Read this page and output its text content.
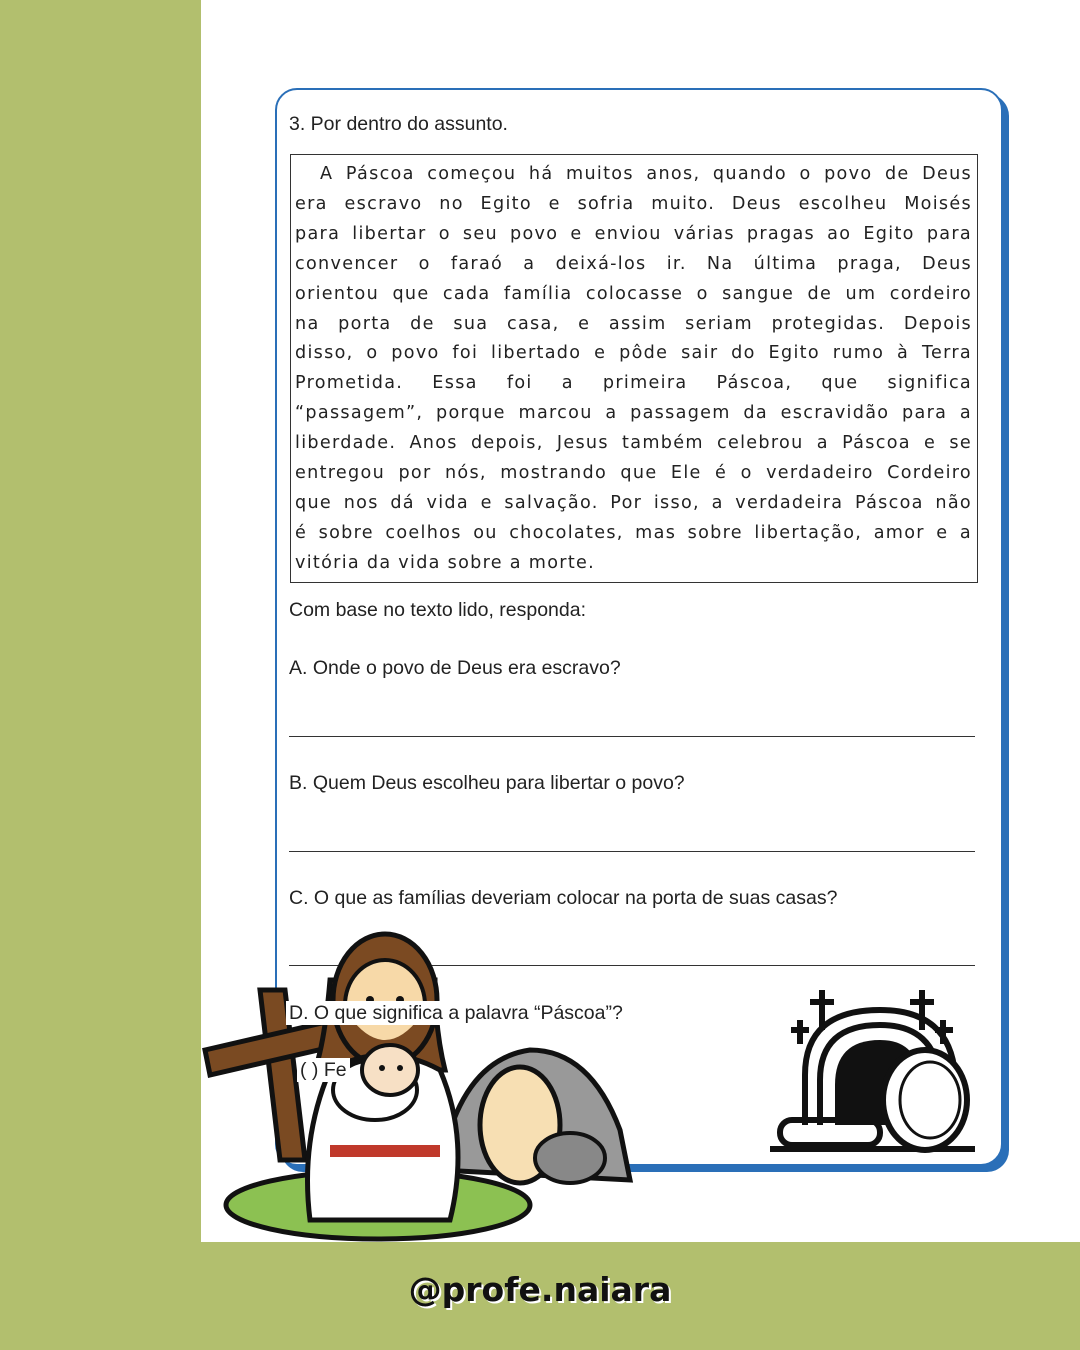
3. Por dentro do assunto.
A Páscoa começou há muitos anos, quando o povo de Deus
era escravo no Egito e sofria muito. Deus escolheu Moisés
para libertar o seu povo e enviou várias pragas ao Egito para
convencer o faraó a deixá-los ir. Na última praga, Deus
orientou que cada família colocasse o sangue de um cordeiro
na porta de sua casa, e assim seriam protegidas. Depois
disso, o povo foi libertado e pôde sair do Egito rumo à Terra
Prometida. Essa foi a primeira Páscoa, que significa
“passagem”, porque marcou a passagem da escravidão para a
liberdade. Anos depois, Jesus também celebrou a Páscoa e se
entregou por nós, mostrando que Ele é o verdadeiro Cordeiro
que nos dá vida e salvação. Por isso, a verdadeira Páscoa não
é sobre coelhos ou chocolates, mas sobre libertação, amor e a
vitória da vida sobre a morte.
Com base no texto lido, responda:
A. Onde o povo de Deus era escravo?
B. Quem Deus escolheu para libertar o povo?
C. O que as famílias deveriam colocar na porta de suas casas?
D. O que significa a palavra “Páscoa”?
( ) Fe
@profe.naiara
